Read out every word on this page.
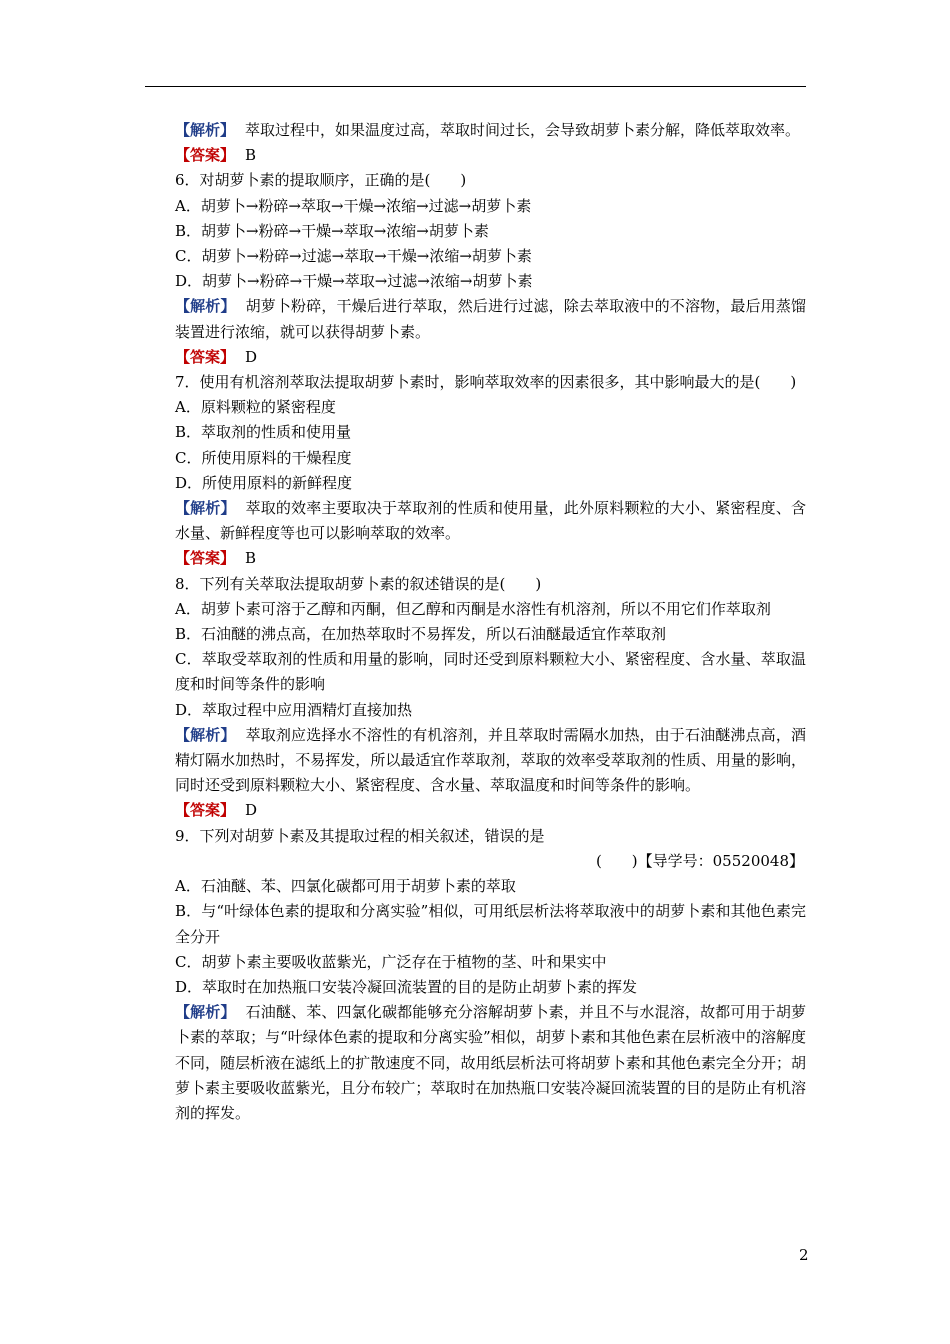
【解析】 萃取过程中，如果温度过高，萃取时间过长，会导致胡萝卜素分解，降低萃取效率。
【答案】 B
6．对胡萝卜素的提取顺序，正确的是(　　)
A．胡萝卜→粉碎→萃取→干燥→浓缩→过滤→胡萝卜素
B．胡萝卜→粉碎→干燥→萃取→浓缩→胡萝卜素
C．胡萝卜→粉碎→过滤→萃取→干燥→浓缩→胡萝卜素
D．胡萝卜→粉碎→干燥→萃取→过滤→浓缩→胡萝卜素
【解析】 胡萝卜粉碎，干燥后进行萃取，然后进行过滤，除去萃取液中的不溶物，最后用蒸馏装置进行浓缩，就可以获得胡萝卜素。
【答案】 D
7．使用有机溶剂萃取法提取胡萝卜素时，影响萃取效率的因素很多，其中影响最大的是(　　)
A．原料颗粒的紧密程度
B．萃取剂的性质和使用量
C．所使用原料的干燥程度
D．所使用原料的新鲜程度
【解析】 萃取的效率主要取决于萃取剂的性质和使用量，此外原料颗粒的大小、紧密程度、含水量、新鲜程度等也可以影响萃取的效率。
【答案】 B
8．下列有关萃取法提取胡萝卜素的叙述错误的是(　　)
A．胡萝卜素可溶于乙醇和丙酮，但乙醇和丙酮是水溶性有机溶剂，所以不用它们作萃取剂
B．石油醚的沸点高，在加热萃取时不易挥发，所以石油醚最适宜作萃取剂
C．萃取受萃取剂的性质和用量的影响，同时还受到原料颗粒大小、紧密程度、含水量、萃取温度和时间等条件的影响
D．萃取过程中应用酒精灯直接加热
【解析】 萃取剂应选择水不溶性的有机溶剂，并且萃取时需隔水加热，由于石油醚沸点高，酒精灯隔水加热时，不易挥发，所以最适宜作萃取剂，萃取的效率受萃取剂的性质、用量的影响，同时还受到原料颗粒大小、紧密程度、含水量、萃取温度和时间等条件的影响。
【答案】 D
9．下列对胡萝卜素及其提取过程的相关叙述，错误的是
(　　)【导学号：05520048】
A．石油醚、苯、四氯化碳都可用于胡萝卜素的萃取
B．与“叶绿体色素的提取和分离实验”相似，可用纸层析法将萃取液中的胡萝卜素和其他色素完全分开
C．胡萝卜素主要吸收蓝紫光，广泛存在于植物的茎、叶和果实中
D．萃取时在加热瓶口安装冷凝回流装置的目的是防止胡萝卜素的挥发
【解析】 石油醚、苯、四氯化碳都能够充分溶解胡萝卜素，并且不与水混溶，故都可用于胡萝卜素的萃取；与“叶绿体色素的提取和分离实验”相似，胡萝卜素和其他色素在层析液中的溶解度不同，随层析液在滤纸上的扩散速度不同，故用纸层析法可将胡萝卜素和其他色素完全分开；胡萝卜素主要吸收蓝紫光，且分布较广；萃取时在加热瓶口安装冷凝回流装置的目的是防止有机溶剂的挥发。
2
